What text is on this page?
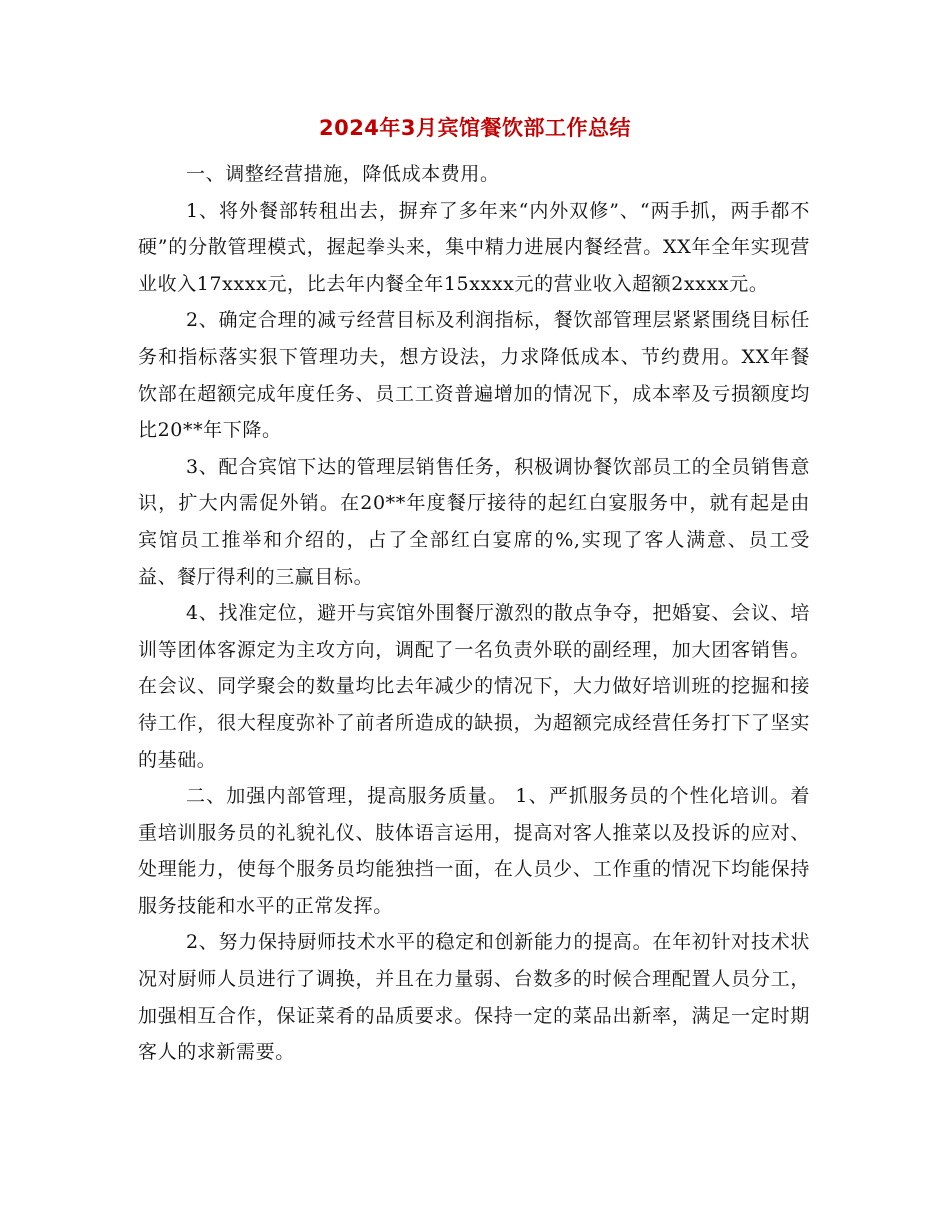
2024年3月宾馆餐饮部工作总结

一、调整经营措施，降低成本费用。

1、将外餐部转租出去，摒弃了多年来“内外双修”、“两手抓，两手都不硬”的分散管理模式，握起拳头来，集中精力进展内餐经营。XX年全年实现营业收入17xxxx元，比去年内餐全年15xxxx元的营业收入超额2xxxx元。

2、确定合理的减亏经营目标及利润指标，餐饮部管理层紧紧围绕目标任务和指标落实狠下管理功夫，想方设法，力求降低成本、节约费用。XX年餐饮部在超额完成年度任务、员工工资普遍增加的情况下，成本率及亏损额度均比20**年下降。

3、配合宾馆下达的管理层销售任务，积极调协餐饮部员工的全员销售意识，扩大内需促外销。在20**年度餐厅接待的起红白宴服务中，就有起是由宾馆员工推举和介绍的，占了全部红白宴席的%,实现了客人满意、员工受益、餐厅得利的三赢目标。

4、找准定位，避开与宾馆外围餐厅激烈的散点争夺，把婚宴、会议、培训等团体客源定为主攻方向，调配了一名负责外联的副经理，加大团客销售。在会议、同学聚会的数量均比去年减少的情况下，大力做好培训班的挖掘和接待工作，很大程度弥补了前者所造成的缺损，为超额完成经营任务打下了坚实的基础。

二、加强内部管理，提高服务质量。 1、严抓服务员的个性化培训。着重培训服务员的礼貌礼仪、肢体语言运用，提高对客人推菜以及投诉的应对、处理能力，使每个服务员均能独挡一面，在人员少、工作重的情况下均能保持服务技能和水平的正常发挥。

2、努力保持厨师技术水平的稳定和创新能力的提高。在年初针对技术状况对厨师人员进行了调换，并且在力量弱、台数多的时候合理配置人员分工，加强相互合作，保证菜肴的品质要求。保持一定的菜品出新率，满足一定时期客人的求新需要。
